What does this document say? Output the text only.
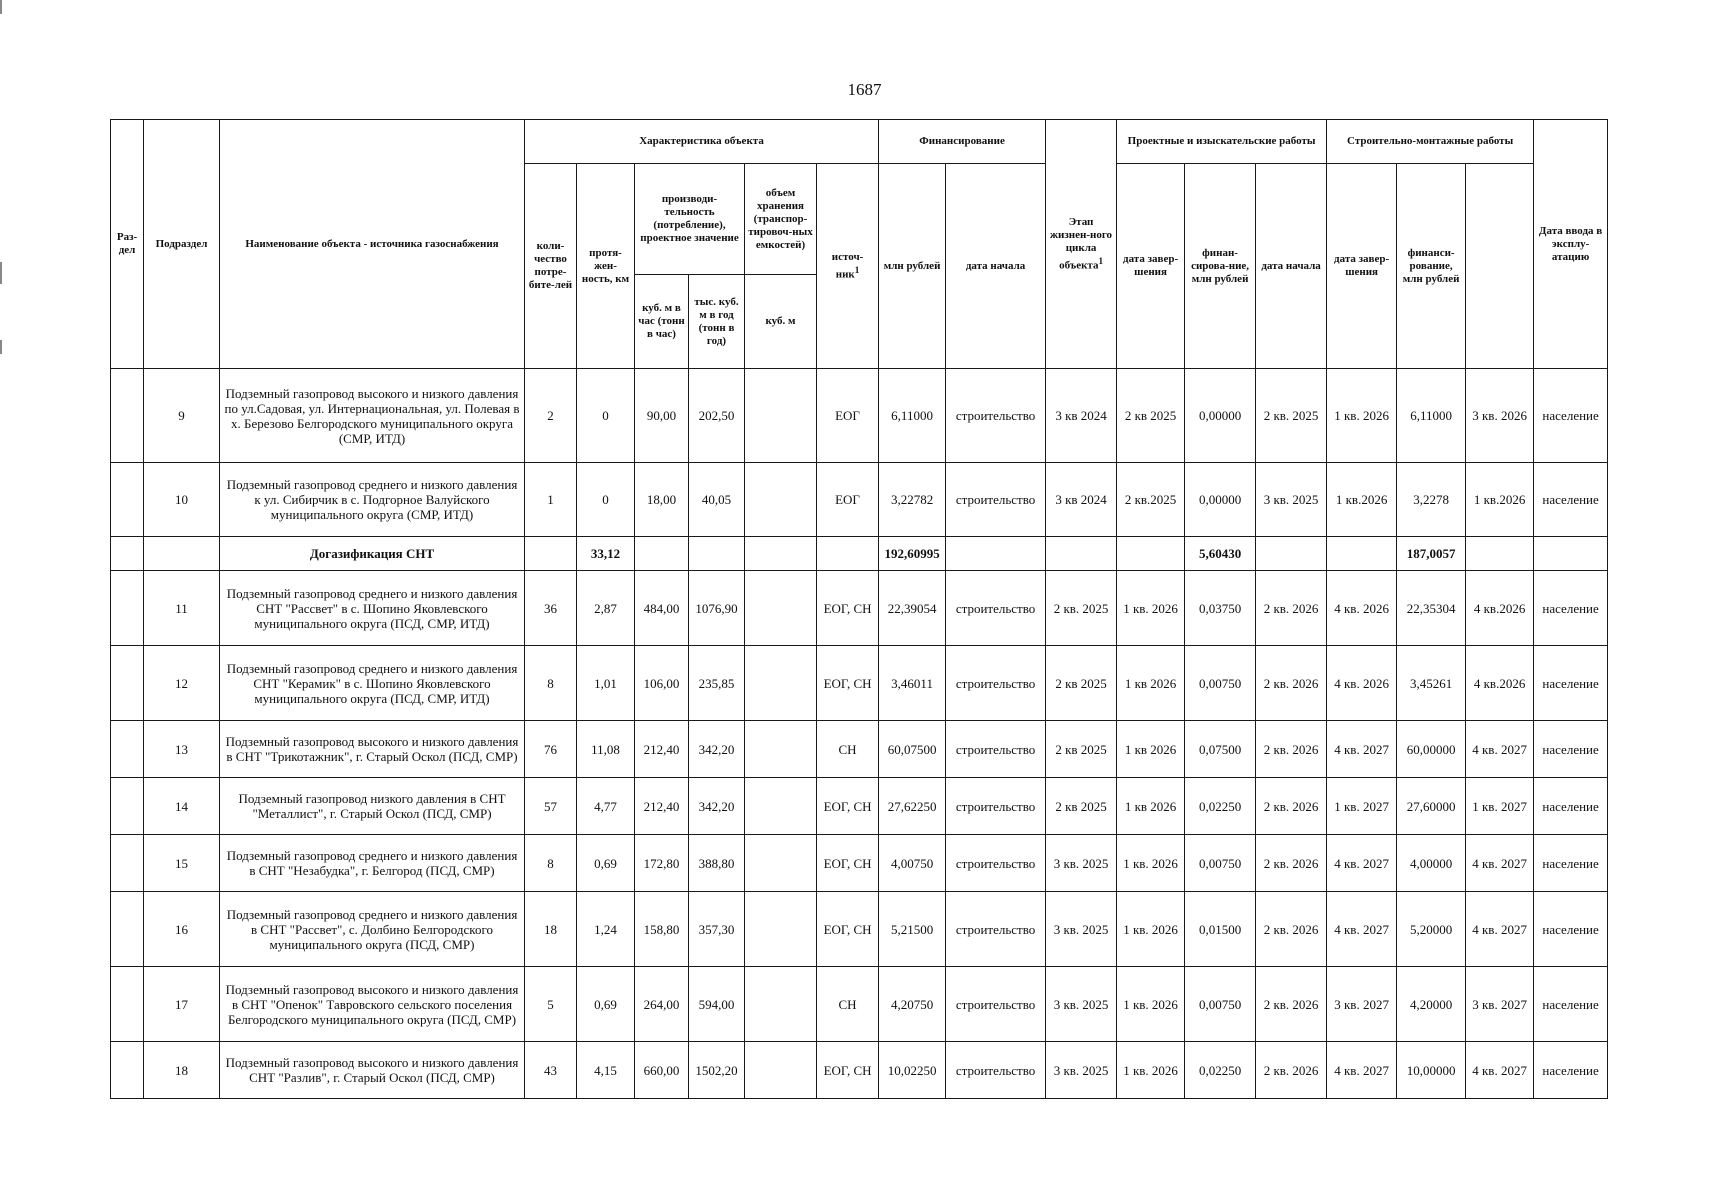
1687
Раз-дел	Подраздел	Наименование объекта - источника газоснабжения	Характеристика объекта						Финансирование		Этап жизнен-ного цикла объекта$^1$	Проектные и изыскательские работы			Строительно-монтажные работы			Дата ввода в эксплу-атацию	
			коли-чество потре-бите-лей	протя-жен-ность, км	производи-тельность (потребление), проектное значение		объем хранения (транспор-тировоч-ных емкостей)	источ-ник$^1$	млн рублей	дата начала		дата завер-шения	финан-сирова-ние, млн рублей	дата начала	дата завер-шения	финанси-рование, млн рублей			
					куб. м в час (тонн в час)	тыс. куб. м в год (тонн в год)	куб. м												
	9	Подземный газопровод высокого и низкого давления по ул.Садовая, ул. Интернациональная, ул. Полевая в х. Березово Белгородского муниципального округа (СМР, ИТД)	2	0	90,00	202,50		ЕОГ	6,11000	строительство	3 кв 2024	2 кв 2025	0,00000	2 кв. 2025	1 кв. 2026	6,11000	3 кв. 2026	население	
	10	Подземный газопровод среднего и низкого давления к ул. Сибирчик в с. Подгорное Валуйского муниципального округа (СМР, ИТД)	1	0	18,00	40,05		ЕОГ	3,22782	строительство	3 кв 2024	2 кв.2025	0,00000	3 кв. 2025	1 кв.2026	3,2278	1 кв.2026	население	
		Догазификация СНТ		33,12					192,60995				5,60430			187,0057			
	11	Подземный газопровод среднего и низкого давления СНТ "Рассвет" в с. Шопино Яковлевского муниципального округа (ПСД, СМР, ИТД)	36	2,87	484,00	1076,90		ЕОГ, СН	22,39054	строительство	2 кв. 2025	1 кв. 2026	0,03750	2 кв. 2026	4 кв. 2026	22,35304	4 кв.2026	население	
	12	Подземный газопровод среднего и низкого давления СНТ "Керамик" в с. Шопино Яковлевского муниципального округа (ПСД, СМР, ИТД)	8	1,01	106,00	235,85		ЕОГ, СН	3,46011	строительство	2 кв 2025	1 кв 2026	0,00750	2 кв. 2026	4 кв. 2026	3,45261	4 кв.2026	население	
	13	Подземный газопровод высокого и низкого давления в СНТ "Трикотажник", г. Старый Оскол (ПСД, СМР)	76	11,08	212,40	342,20		СН	60,07500	строительство	2 кв 2025	1 кв 2026	0,07500	2 кв. 2026	4 кв. 2027	60,00000	4 кв. 2027	население	
	14	Подземный газопровод низкого давления в СНТ "Металлист", г. Старый Оскол (ПСД, СМР)	57	4,77	212,40	342,20		ЕОГ, СН	27,62250	строительство	2 кв 2025	1 кв 2026	0,02250	2 кв. 2026	1 кв. 2027	27,60000	1 кв. 2027	население	
	15	Подземный газопровод среднего и низкого давления в СНТ "Незабудка", г. Белгород (ПСД, СМР)	8	0,69	172,80	388,80		ЕОГ, СН	4,00750	строительство	3 кв. 2025	1 кв. 2026	0,00750	2 кв. 2026	4 кв. 2027	4,00000	4 кв. 2027	население	
	16	Подземный газопровод среднего и низкого давления в СНТ "Рассвет", с. Долбино Белгородского муниципального округа (ПСД, СМР)	18	1,24	158,80	357,30		ЕОГ, СН	5,21500	строительство	3 кв. 2025	1 кв. 2026	0,01500	2 кв. 2026	4 кв. 2027	5,20000	4 кв. 2027	население	
	17	Подземный газопровод высокого и низкого давления в СНТ "Опенок" Тавровского сельского поселения Белгородского муниципального округа (ПСД, СМР)	5	0,69	264,00	594,00		СН	4,20750	строительство	3 кв. 2025	1 кв. 2026	0,00750	2 кв. 2026	3 кв. 2027	4,20000	3 кв. 2027	население	
	18	Подземный газопровод высокого и низкого давления СНТ "Разлив", г. Старый Оскол (ПСД, СМР)	43	4,15	660,00	1502,20		ЕОГ, СН	10,02250	строительство	3 кв. 2025	1 кв. 2026	0,02250	2 кв. 2026	4 кв. 2027	10,00000	4 кв. 2027	население	
